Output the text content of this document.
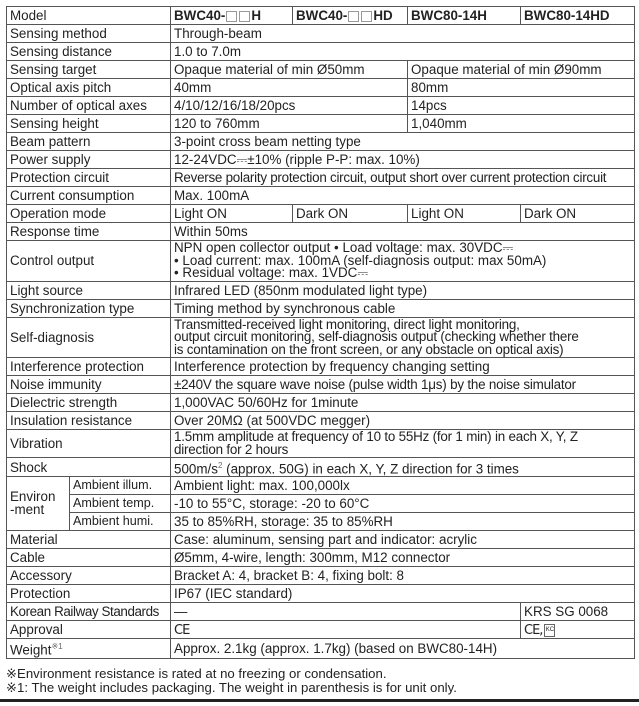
Model		BWC40- H	BWC40- HD	BWC80-14H	BWC80-14HD
Sensing method		Through-beam			
Sensing distance		1.0 to 7.0m			
Sensing target		Opaque material of min Ø50mm		Opaque material of min Ø90mm	
Optical axis pitch		40mm		80mm	
Number of optical axes		4/10/12/16/18/20pcs		14pcs	
Sensing height		120 to 760mm		1,040mm	
Beam pattern		3-point cross beam netting type			
Power supply		12-24VDC⎓±10% (ripple P-P: max. 10%)			
Protection circuit		Reverse polarity protection circuit, output short over current protection circuit			
Current consumption		Max. 100mA			
Operation mode		Light ON	Dark ON	Light ON	Dark ON
Response time		Within 50ms			
Control output		NPN open collector output • Load voltage: max. 30VDC⎓
• Load current: max. 100mA (self-diagnosis output: max 50mA)
• Residual voltage: max. 1VDC⎓			

Light source		Infrared LED (850nm modulated light type)			
Synchronization type		Timing method by synchronous cable			
Self-diagnosis		Transmitted-received light monitoring, direct light monitoring,
output circuit monitoring, self-diagnosis output (checking whether there
is contamination on the front screen, or any obstacle on optical axis)			

Interference protection		Interference protection by frequency changing setting			
Noise immunity		±240V the square wave noise (pulse width 1μs) by the noise simulator			
Dielectric strength		1,000VAC 50/60Hz for 1minute			
Insulation resistance		Over 20MΩ (at 500VDC megger)			
Vibration		1.5mm amplitude at frequency of 10 to 55Hz (for 1 min) in each X, Y, Z
direction for 2 hours			

Shock		$500m/s^2$ (approx. 50G) in each X, Y, Z direction for 3 times			

Environ
-ment	Ambient illum.	Ambient light: max. 100,000lx			
	Ambient temp.	-10 to 55°C, storage: -20 to 60°C			
	Ambient humi.	35 to 85%RH, storage: 35 to 85%RH			
Material		Case: aluminum, sensing part and indicator: acrylic			
Cable		Ø5mm, 4-wire, length: 300mm, M12 connector			
Accessory		Bracket A: 4, bracket B: 4, fixing bolt: 8			
Protection		IP67 (IEC standard)			
Korean Railway Standards		—			KRS SG 0068
Approval		CE			CE, KC
Weight$^{※1}$		Approx. 2.1kg (approx. 1.7kg) (based on BWC80-14H)			
※Environment resistance is rated at no freezing or condensation.
※1: The weight includes packaging. The weight in parenthesis is for unit only.
